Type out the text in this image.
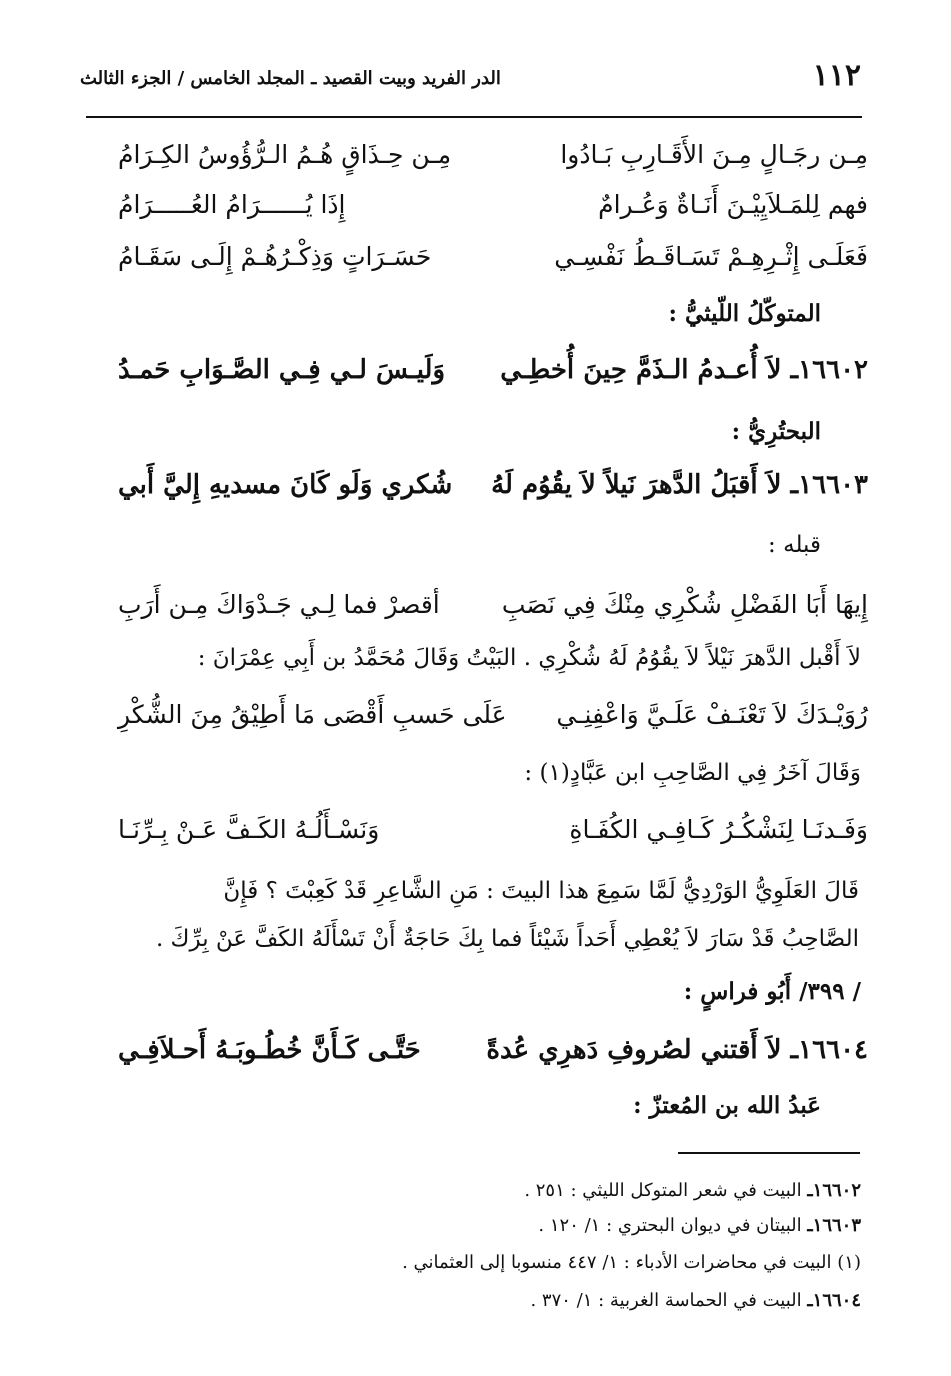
١١٢
الدر الفريد وبيت القصيد ـ المجلد الخامس / الجزء الثالث
مِـن رجَـالٍ مِـنَ الأَقَـارِبِ بَـادُوا
مِـن حِـذَاقٍ هُـمُ الـرُّؤُوسُ الكِـرَامُ
فهم لِلمَـلاَيِيْـنَ أَنَـاةٌ وَعُـرامٌ
إِذَا يُــــــرَامُ العُـــــرَامُ
فَعَلَـى إِثْـرِهِـمْ تَسَـاقَـطُ نَفْسِـي
حَسَـرَاتٍ وَذِكْـرُهُـمْ إِلَـى سَقَـامُ
المتوكّلُ اللّيثيُّ :
١٦٦٠٢ـ لاَ أُعـدمُ الـذَمَّ حِينَ أُخطِـي
وَلَيـسَ لـي فِـي الصَّـوَابِ حَمـدُ
البحتُرِيُّ :
١٦٦٠٣ـ لاَ أَقبَلُ الدَّهرَ نَيلاً لاَ يقُوُم لَهُ
شُكري وَلَو كَانَ مسديهِ إِليَّ أَبي
قبله :
إِيهَا أَبَا الفَضْلِ شُكْرِي مِنْكَ فِي نَصَبِ
أقصرْ فما لِـي جَـدْوَاكَ مِـن أَرَبِ
لاَ أَقْبل الدَّهرَ نَيْلاً لاَ يقُوُمُ لَهُ شُكْرِي . البَيْتُ وَقَالَ مُحَمَّدُ بن أَبِي عِمْرَانَ :
رُوَيْـدَكَ لاَ تَعْنَـفْ عَلَـيَّ وَاعْفِنِـي
عَلَى حَسبِ أَقْصَى مَا أَطِيْقُ مِنَ الشُّكْرِ
وَقَالَ آخَرُ فِي الصَّاحِبِ ابن عَبَّادٍ(١) :
وَفَـدنَـا لِنَشْكُـرُ كَـافِـي الكُفَـاةِ
وَنَسْـأَلُـهُ الكَـفَّ عَـنْ بِـرِّنَـا
قَالَ العَلَوِيُّ الوَرْدِيُّ لَمَّا سَمِعَ هذا البيتَ : مَنِ الشَّاعِرِ قَدْ كَعِبْتَ ؟ فَإِنَّ
الصَّاحِبُ قَدْ سَارَ لاَ يُعْطِي أَحَداً شَيْئاً فما بِكَ حَاجَةٌ أَنْ تَسْأَلَهُ الكَفَّ عَنْ بِرِّكَ .
/ ٣٩٩/ أَبُو فراسٍ :
١٦٦٠٤ـ لاَ أَقتني لصُروفِ دَهرِي عُدةً
حَتَّـى كَـأَنَّ خُطُـوبَـهُ أَحـلاَفِـي
عَبدُ الله بن المُعتزّ :
١٦٦٠٢ـ البيت في شعر المتوكل الليثي : ٢٥١ .
١٦٦٠٣ـ البيتان في ديوان البحتري : ١/ ١٢٠ .
(١) البيت في محاضرات الأدباء : ١/ ٤٤٧ منسوبا إلى العثماني .
١٦٦٠٤ـ البيت في الحماسة الغربية : ١/ ٣٧٠ .
